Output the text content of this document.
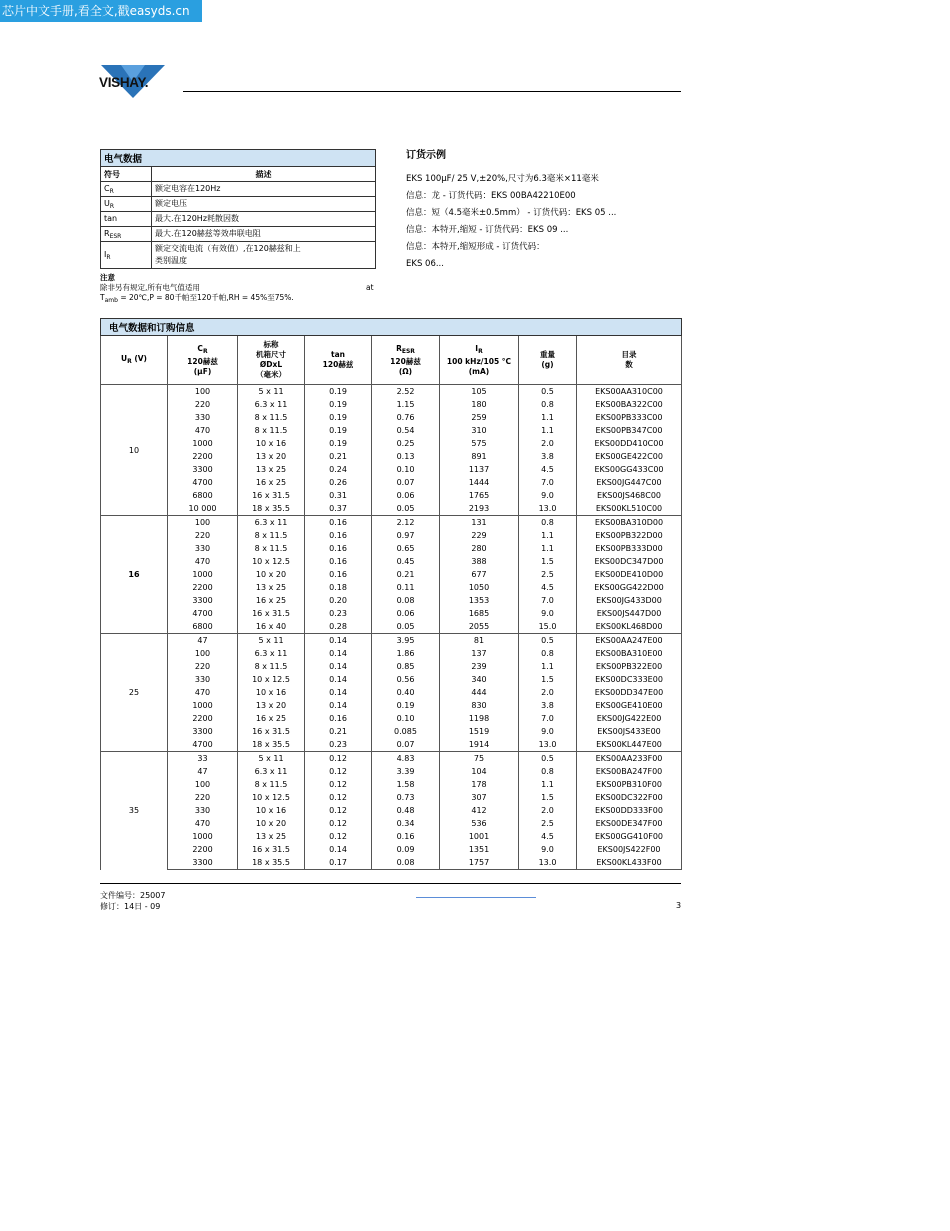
芯片中文手册,看全文,戳easyds.cn
VISHAY.
电气数据	
符号	描述
$C_R$	额定电容在120Hz
$U_R$	额定电压
tan	最大.在120Hz耗散因数
$R_{ESR}$	最大.在120赫兹等效串联电阻
$I_R$	额定交流电流（有效值）,在120赫兹和上
类别温度
注意
除非另有规定,所有电气值适用	at
$T_{amb}$ = 20℃,P = 80千帕至120千帕,RH = 45%至75%.
订货示例
EKS 100μF/ 25 V,±20%,尺寸为6.3毫米×11毫米
信息：龙 - 订货代码：EKS 00BA42210E00
信息：短（4.5毫米±0.5mm） - 订货代码：EKS 05 ...
信息：本特开,缩短 - 订货代码：EKS 09 ...
信息：本特开,缩短形成 - 订货代码：
EKS 06...
电气数据和订购信息							
$U_R$ (V)	$C_R$
120赫兹
(μF)	标称
机箱尺寸
ØDxL
（毫米）	tan
120赫兹	$R_{ESR}$
120赫兹
(Ω)	$I_R$
100 kHz/105 °C
(mA)	重量
(g)	目录
数
10	100	5 x 11	0.19	2.52	105	0.5	EKS00AA310C00
	220	6.3 x 11	0.19	1.15	180	0.8	EKS00BA322C00
	330	8 x 11.5	0.19	0.76	259	1.1	EKS00PB333C00
	470	8 x 11.5	0.19	0.54	310	1.1	EKS00PB347C00
	1000	10 x 16	0.19	0.25	575	2.0	EKS00DD410C00
	2200	13 x 20	0.21	0.13	891	3.8	EKS00GE422C00
	3300	13 x 25	0.24	0.10	1137	4.5	EKS00GG433C00
	4700	16 x 25	0.26	0.07	1444	7.0	EKS00JG447C00
	6800	16 x 31.5	0.31	0.06	1765	9.0	EKS00JS468C00
	10 000	18 x 35.5	0.37	0.05	2193	13.0	EKS00KL510C00
16	100	6.3 x 11	0.16	2.12	131	0.8	EKS00BA310D00
	220	8 x 11.5	0.16	0.97	229	1.1	EKS00PB322D00
	330	8 x 11.5	0.16	0.65	280	1.1	EKS00PB333D00
	470	10 x 12.5	0.16	0.45	388	1.5	EKS00DC347D00
	1000	10 x 20	0.16	0.21	677	2.5	EKS00DE410D00
	2200	13 x 25	0.18	0.11	1050	4.5	EKS00GG422D00
	3300	16 x 25	0.20	0.08	1353	7.0	EKS00JG433D00
	4700	16 x 31.5	0.23	0.06	1685	9.0	EKS00JS447D00
	6800	16 x 40	0.28	0.05	2055	15.0	EKS00KL468D00
25	47	5 x 11	0.14	3.95	81	0.5	EKS00AA247E00
	100	6.3 x 11	0.14	1.86	137	0.8	EKS00BA310E00
	220	8 x 11.5	0.14	0.85	239	1.1	EKS00PB322E00
	330	10 x 12.5	0.14	0.56	340	1.5	EKS00DC333E00
	470	10 x 16	0.14	0.40	444	2.0	EKS00DD347E00
	1000	13 x 20	0.14	0.19	830	3.8	EKS00GE410E00
	2200	16 x 25	0.16	0.10	1198	7.0	EKS00JG422E00
	3300	16 x 31.5	0.21	0.085	1519	9.0	EKS00JS433E00
	4700	18 x 35.5	0.23	0.07	1914	13.0	EKS00KL447E00
35	33	5 x 11	0.12	4.83	75	0.5	EKS00AA233F00
	47	6.3 x 11	0.12	3.39	104	0.8	EKS00BA247F00
	100	8 x 11.5	0.12	1.58	178	1.1	EKS00PB310F00
	220	10 x 12.5	0.12	0.73	307	1.5	EKS00DC322F00
	330	10 x 16	0.12	0.48	412	2.0	EKS00DD333F00
	470	10 x 20	0.12	0.34	536	2.5	EKS00DE347F00
	1000	13 x 25	0.12	0.16	1001	4.5	EKS00GG410F00
	2200	16 x 31.5	0.14	0.09	1351	9.0	EKS00JS422F00
	3300	18 x 35.5	0.17	0.08	1757	13.0	EKS00KL433F00
文件编号：25007
修订：14日 - 09	3
